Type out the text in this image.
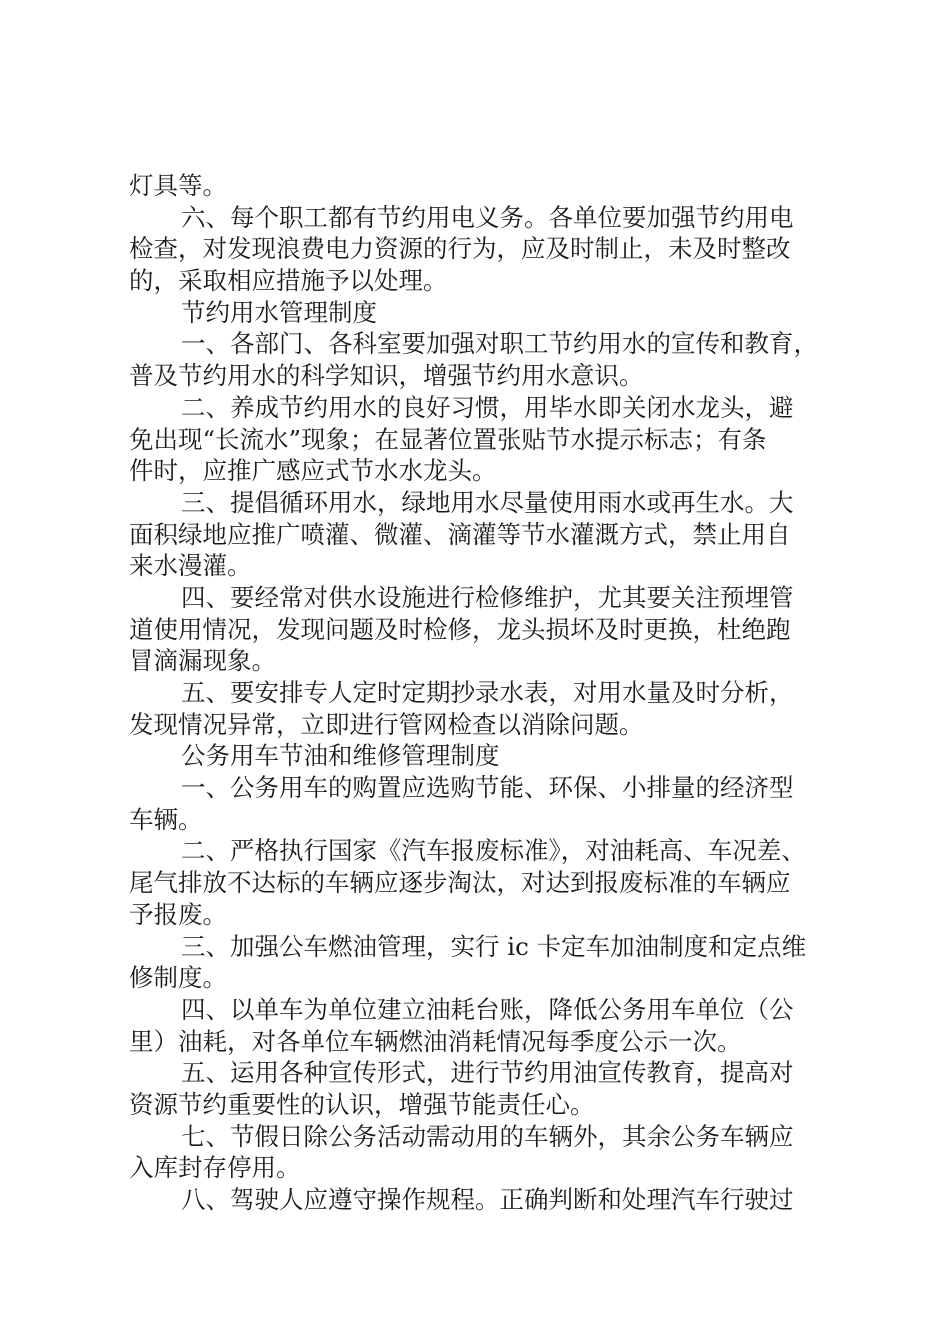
灯具等。
六、每个职工都有节约用电义务。各单位要加强节约用电
检查，对发现浪费电力资源的行为，应及时制止，未及时整改
的，采取相应措施予以处理。
节约用水管理制度
一、各部门、各科室要加强对职工节约用水的宣传和教育，
普及节约用水的科学知识，增强节约用水意识。
二、养成节约用水的良好习惯，用毕水即关闭水龙头，避
免出现“长流水”现象；在显著位置张贴节水提示标志；有条
件时，应推广感应式节水水龙头。
三、提倡循环用水，绿地用水尽量使用雨水或再生水。大
面积绿地应推广喷灌、微灌、滴灌等节水灌溉方式，禁止用自
来水漫灌。
四、要经常对供水设施进行检修维护，尤其要关注预埋管
道使用情况，发现问题及时检修，龙头损坏及时更换，杜绝跑
冒滴漏现象。
五、要安排专人定时定期抄录水表，对用水量及时分析，
发现情况异常，立即进行管网检查以消除问题。
公务用车节油和维修管理制度
一、公务用车的购置应选购节能、环保、小排量的经济型
车辆。
二、严格执行国家《汽车报废标准》，对油耗高、车况差、
尾气排放不达标的车辆应逐步淘汰，对达到报废标准的车辆应
予报废。
三、加强公车燃油管理，实行 ic 卡定车加油制度和定点维
修制度。
四、以单车为单位建立油耗台账，降低公务用车单位（公
里）油耗，对各单位车辆燃油消耗情况每季度公示一次。
五、运用各种宣传形式，进行节约用油宣传教育，提高对
资源节约重要性的认识，增强节能责任心。
七、节假日除公务活动需动用的车辆外，其余公务车辆应
入库封存停用。
八、驾驶人应遵守操作规程。正确判断和处理汽车行驶过
